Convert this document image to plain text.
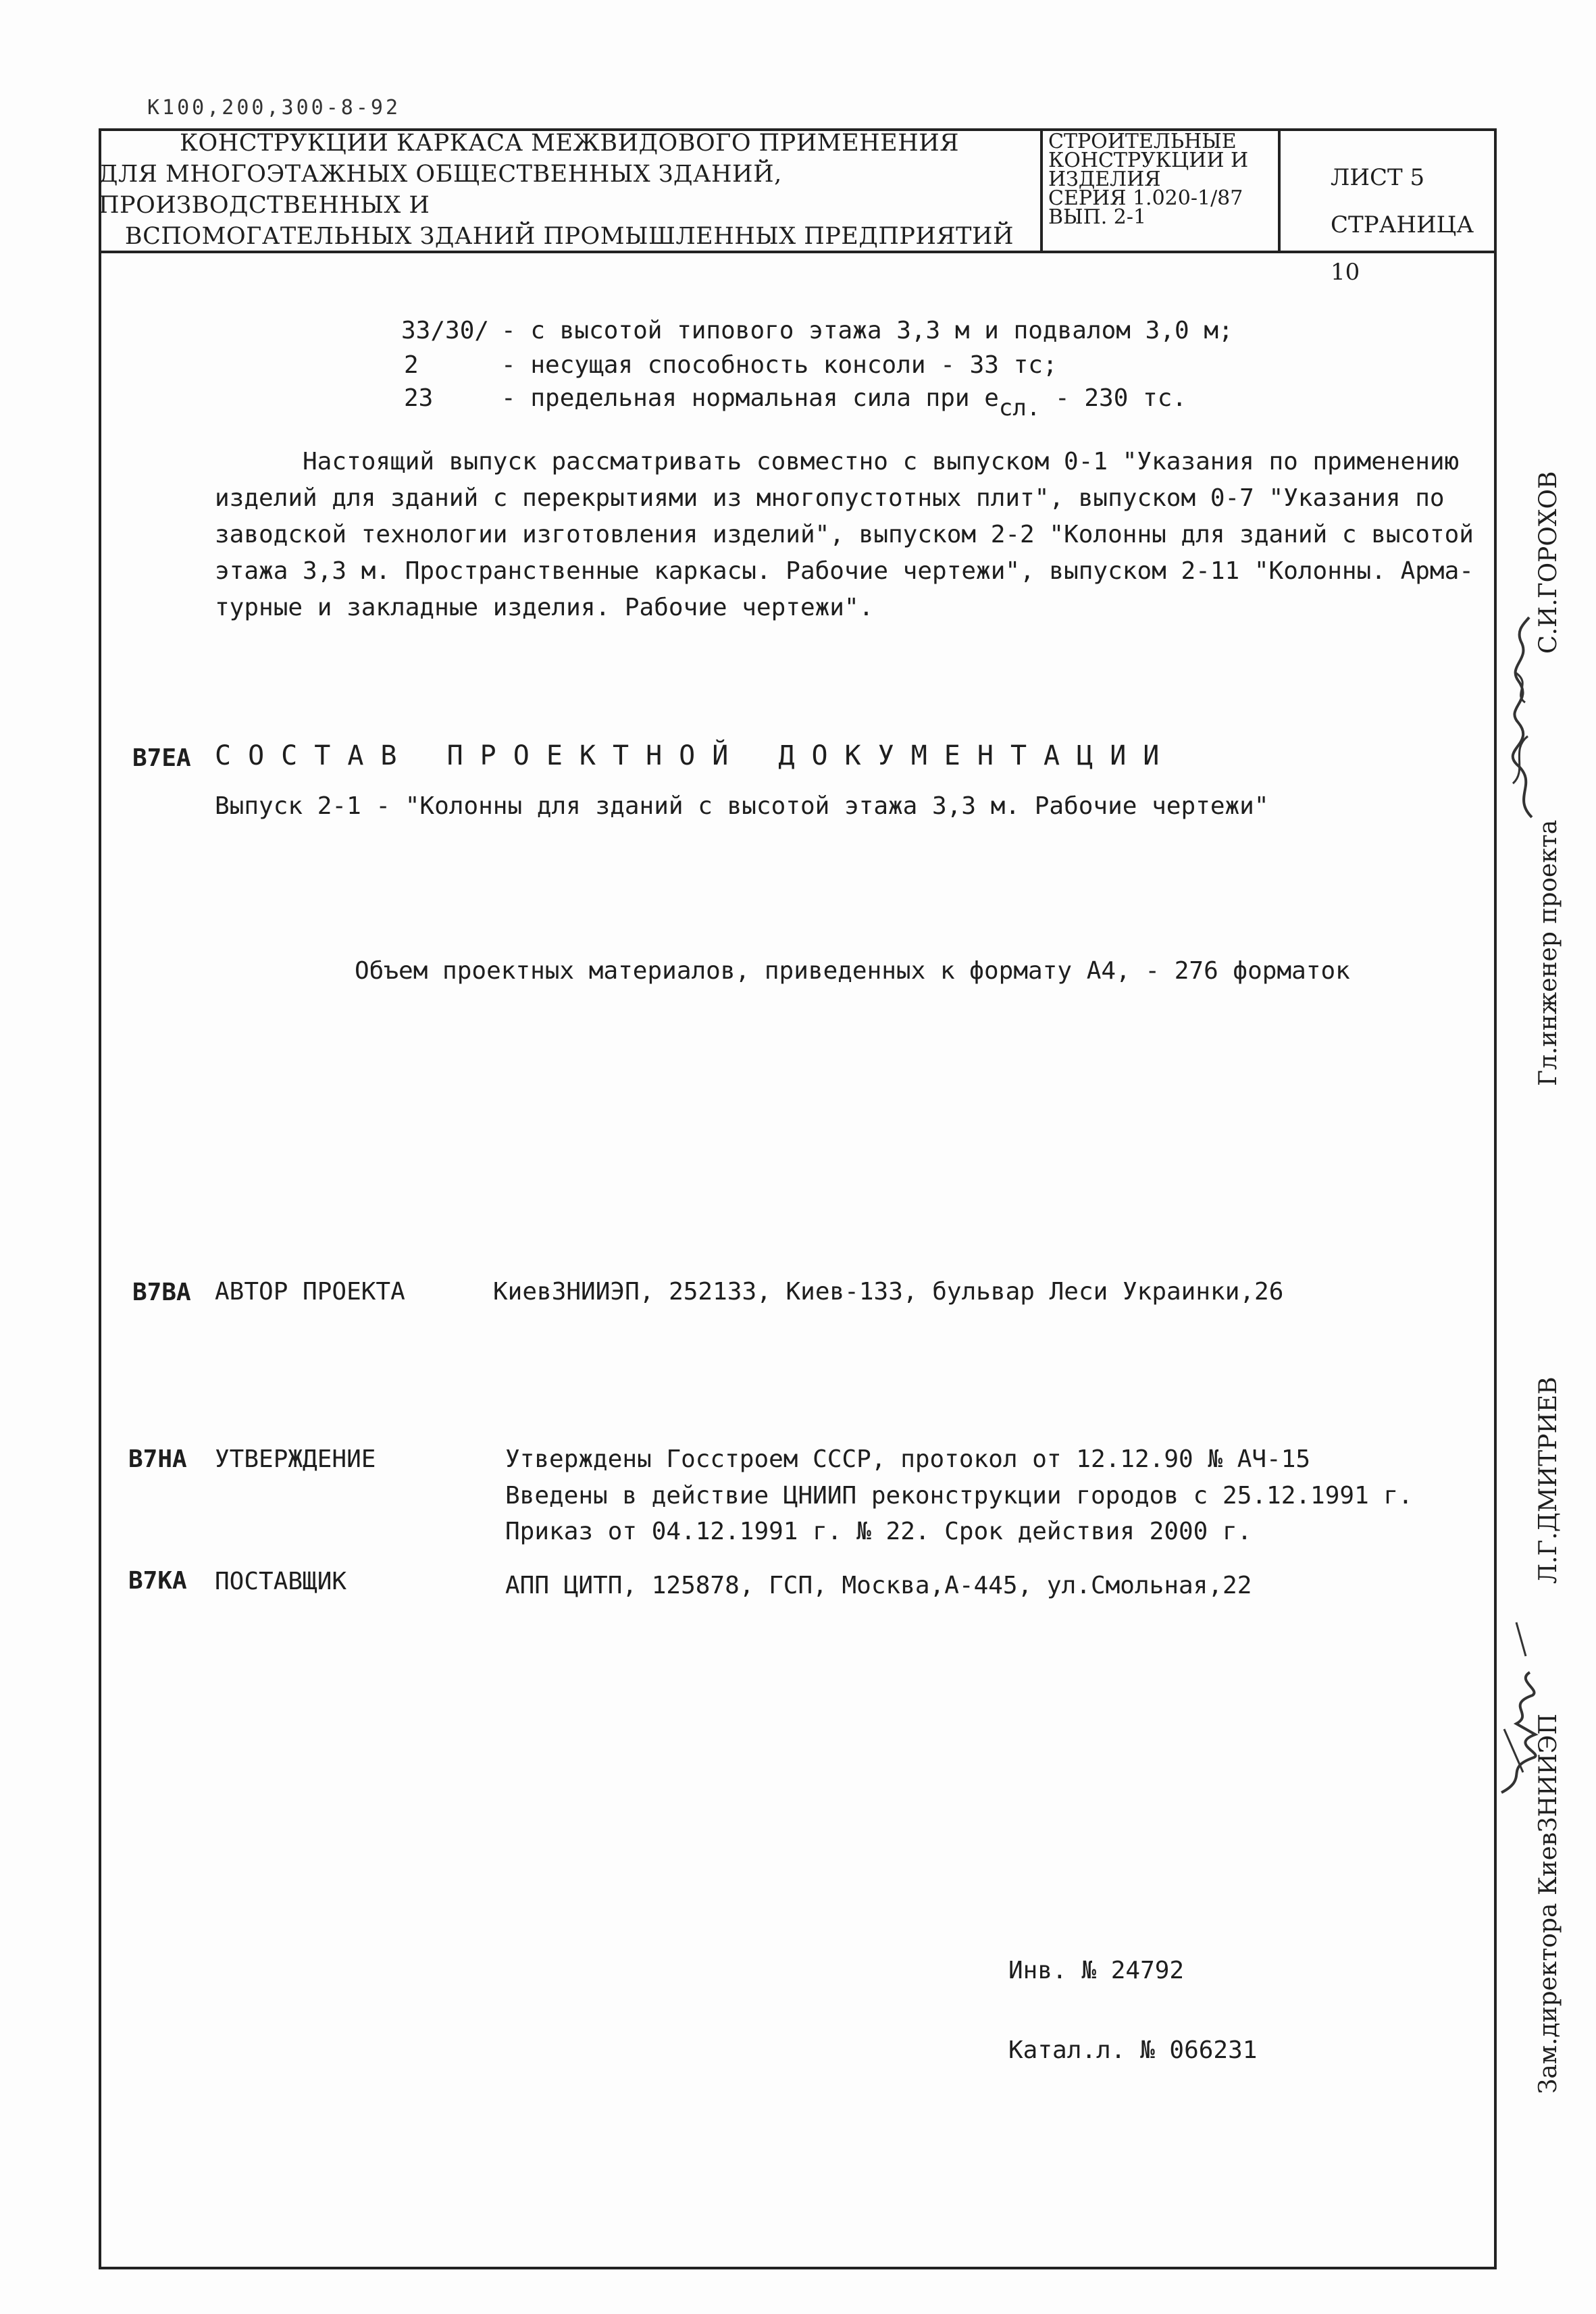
К100,200,300-8-92
КОНСТРУКЦИИ КАРКАСА МЕЖВИДОВОГО ПРИМЕНЕНИЯ
ДЛЯ МНОГОЭТАЖНЫХ ОБЩЕСТВЕННЫХ ЗДАНИЙ, ПРОИЗВОДСТВЕННЫХ И
ВСПОМОГАТЕЛЬНЫХ ЗДАНИЙ ПРОМЫШЛЕННЫХ ПРЕДПРИЯТИЙ
СТРОИТЕЛЬНЫЕ
КОНСТРУКЦИИ И
ИЗДЕЛИЯ
СЕРИЯ 1.020-1/87
ВЫП. 2-1
ЛИСТ 5
СТРАНИЦА 10
33/30/ - с высотой типового этажа 3,3 м и подвалом 3,0 м;
2	- несущая способность консоли - 33 тс;
23	- предельная нормальная сила при eсл. - 230 тс.
Настоящий выпуск рассматривать совместно с выпуском 0-1 "Указания по применению
изделий для зданий с перекрытиями из многопустотных плит", выпуском 0-7 "Указания по
заводской технологии изготовления изделий", выпуском 2-2 "Колонны для зданий с высотой
этажа 3,3 м. Пространственные каркасы. Рабочие чертежи", выпуском 2-11 "Колонны. Арма-
турные и закладные изделия. Рабочие чертежи".
В7ЕА СОСТАВ ПРОЕКТНОЙ ДОКУМЕНТАЦИИ
Выпуск 2-1 - "Колонны для зданий с высотой этажа 3,3 м. Рабочие чертежи"
Объем проектных материалов, приведенных к формату А4, - 276 форматок
В7ВА АВТОР ПРОЕКТА	КиевЗНИИЭП, 252133, Киев-133, бульвар Леси Украинки,26
В7НА УТВЕРЖДЕНИЕ	Утверждены Госстроем СССР, протокол от 12.12.90 № АЧ-15
Введены в действие ЦНИИП реконструкции городов с 25.12.1991 г.
Приказ от 04.12.1991 г. № 22. Срок действия 2000 г.
В7КА ПОСТАВЩИК	АПП ЦИТП, 125878, ГСП, Москва,А-445, ул.Смольная,22
Инв. № 24792
Катал.л. № 066231
Гл.инженер проекта
С.И.ГОРОХОВ
Зам.директора КиевЗНИИЭП
Л.Г.ДМИТРИЕВ
